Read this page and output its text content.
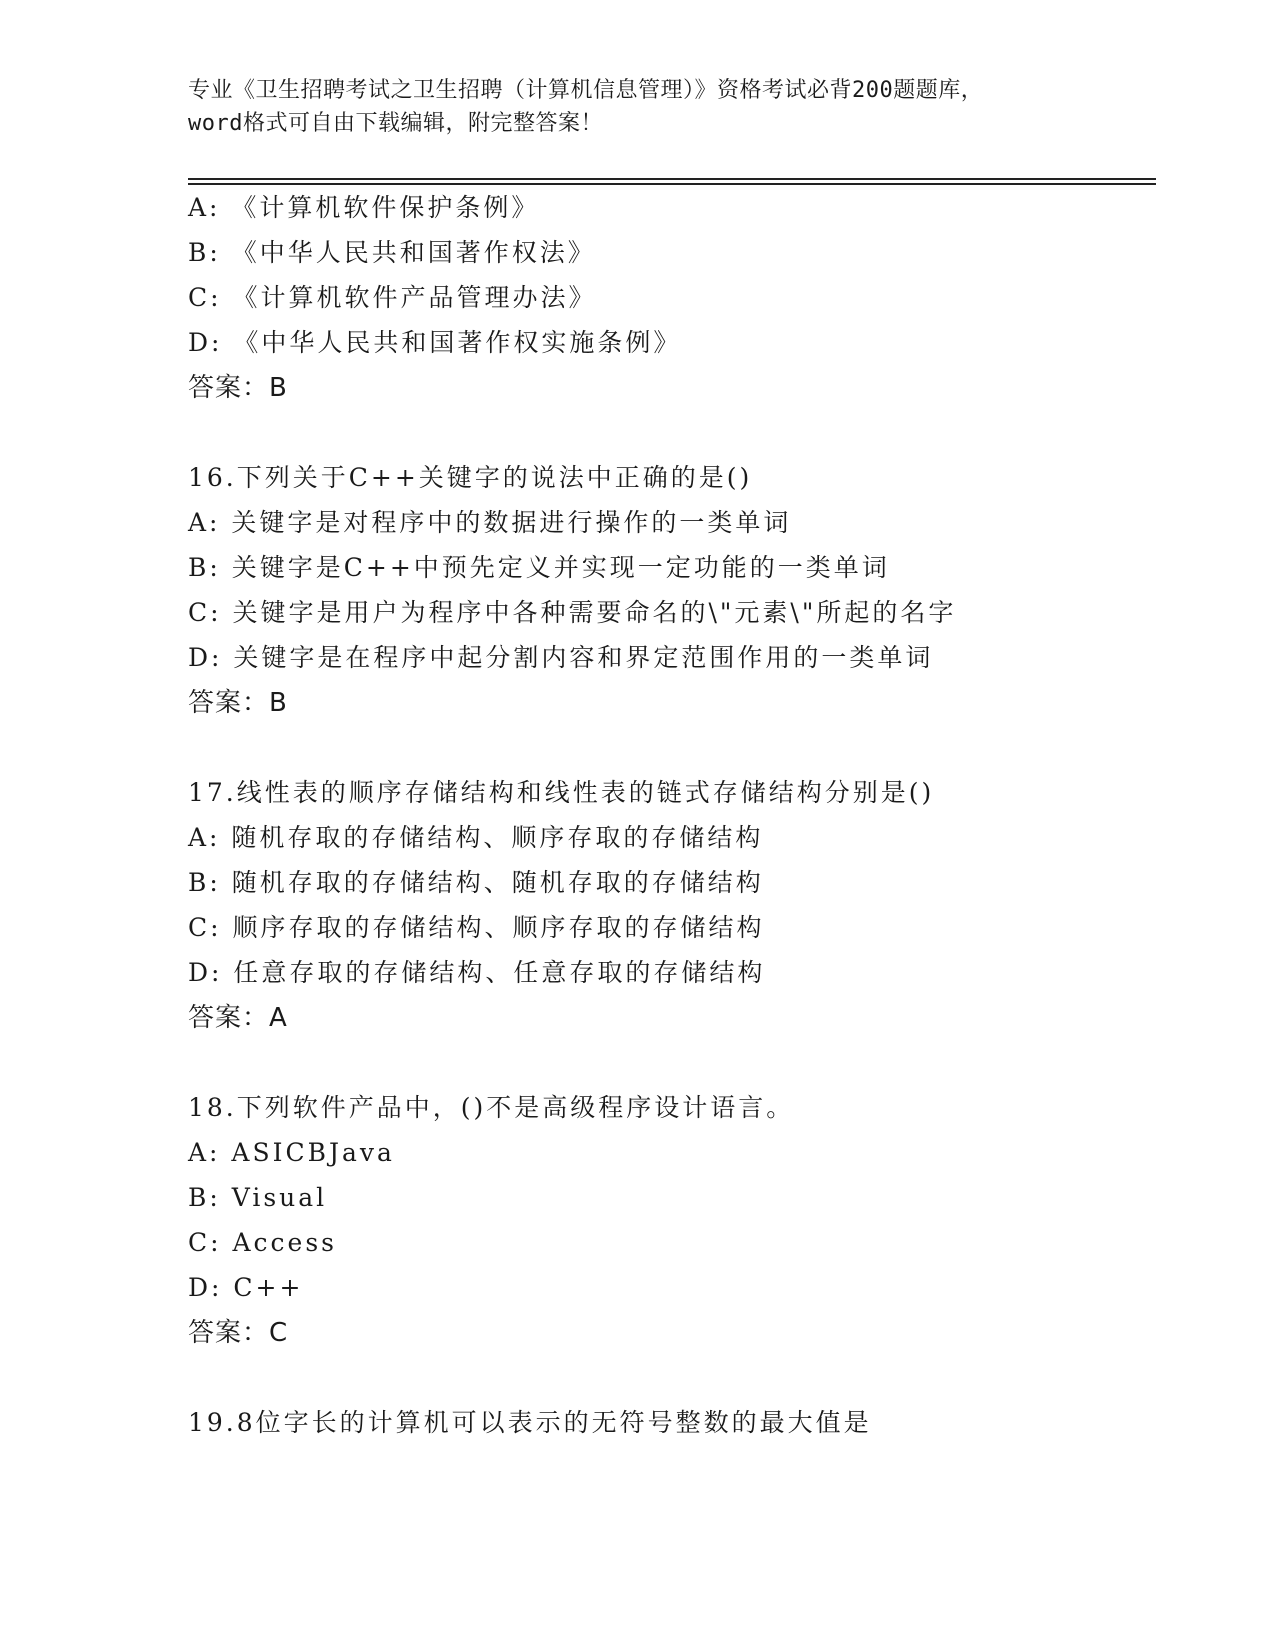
专业《卫生招聘考试之卫生招聘（计算机信息管理）》资格考试必背200题题库，
word格式可自由下载编辑，附完整答案！
A: 《计算机软件保护条例》
B: 《中华人民共和国著作权法》
C: 《计算机软件产品管理办法》
D: 《中华人民共和国著作权实施条例》
答案：B
16.下列关于C++关键字的说法中正确的是()
A: 关键字是对程序中的数据进行操作的一类单词
B: 关键字是C++中预先定义并实现一定功能的一类单词
C: 关键字是用户为程序中各种需要命名的\"元素\"所起的名字
D: 关键字是在程序中起分割内容和界定范围作用的一类单词
答案：B
17.线性表的顺序存储结构和线性表的链式存储结构分别是()
A: 随机存取的存储结构、顺序存取的存储结构
B: 随机存取的存储结构、随机存取的存储结构
C: 顺序存取的存储结构、顺序存取的存储结构
D: 任意存取的存储结构、任意存取的存储结构
答案：A
18.下列软件产品中，()不是高级程序设计语言。
A: ASICBJava
B: Visual
C: Access
D: C++
答案：C
19.8位字长的计算机可以表示的无符号整数的最大值是
